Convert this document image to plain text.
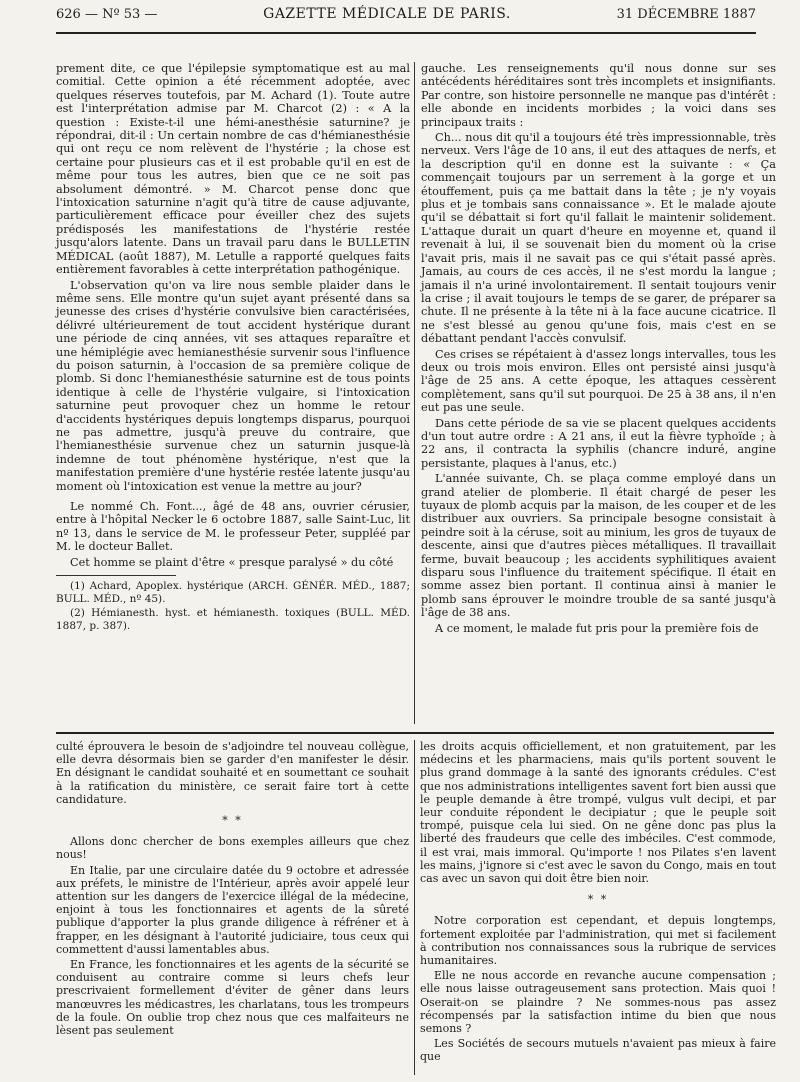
626 — Nº 53 —	GAZETTE MÉDICALE DE PARIS.	31 DÉCEMBRE 1887

prement dite, ce que l'épilepsie symptomatique est au mal comitial. Cette opinion a été récemment adoptée, avec quelques réserves toutefois, par M. Achard (1). Toute autre est l'interprétation admise par M. Charcot (2) : « A la question : Existe-t-il une hémi-anesthésie saturnine? je répondrai, dit-il : Un certain nombre de cas d'hémianesthésie qui ont reçu ce nom relèvent de l'hystérie ; la chose est certaine pour plusieurs cas et il est probable qu'il en est de même pour tous les autres, bien que ce ne soit pas absolument démontré. » M. Charcot pense donc que l'intoxication saturnine n'agit qu'à titre de cause adjuvante, particulièrement efficace pour éveiller chez des sujets prédisposés les manifestations de l'hystérie restée jusqu'alors latente. Dans un travail paru dans le BULLETIN MÉDICAL (août 1887), M. Letulle a rapporté quelques faits entièrement favorables à cette interprétation pathogénique.

L'observation qu'on va lire nous semble plaider dans le même sens. Elle montre qu'un sujet ayant présenté dans sa jeunesse des crises d'hystérie convulsive bien caractérisées, délivré ultérieurement de tout accident hystérique durant une période de cinq années, vit ses attaques reparaître et une hémiplégie avec hemianesthésie survenir sous l'influence du poison saturnin, à l'occasion de sa première colique de plomb. Si donc l'hemianesthésie saturnine est de tous points identique à celle de l'hystérie vulgaire, si l'intoxication saturnine peut provoquer chez un homme le retour d'accidents hystériques depuis longtemps disparus, pourquoi ne pas admettre, jusqu'à preuve du contraire, que l'hemianesthésie survenue chez un saturnin jusque-là indemne de tout phénomène hystérique, n'est que la manifestation première d'une hystérie restée latente jusqu'au moment où l'intoxication est venue la mettre au jour?

Le nommé Ch. Font..., âgé de 48 ans, ouvrier cérusier, entre à l'hôpital Necker le 6 octobre 1887, salle Saint-Luc, lit nº 13, dans le service de M. le professeur Peter, suppléé par M. le docteur Ballet.

Cet homme se plaint d'être « presque paralysé » du côté

(1) Achard, Apoplex. hystérique (ARCH. GÉNÉR. MÉD., 1887; BULL. MÉD., nº 45).

(2) Hémianesth. hyst. et hémianesth. toxiques (BULL. MÉD. 1887, p. 387).

gauche. Les renseignements qu'il nous donne sur ses antécédents héréditaires sont très incomplets et insignifiants. Par contre, son histoire personnelle ne manque pas d'intérêt : elle abonde en incidents morbides ; la voici dans ses principaux traits :

Ch... nous dit qu'il a toujours été très impressionnable, très nerveux. Vers l'âge de 10 ans, il eut des attaques de nerfs, et la description qu'il en donne est la suivante : « Ça commençait toujours par un serrement à la gorge et un étouffement, puis ça me battait dans la tête ; je n'y voyais plus et je tombais sans connaissance ». Et le malade ajoute qu'il se débattait si fort qu'il fallait le maintenir solidement. L'attaque durait un quart d'heure en moyenne et, quand il revenait à lui, il se souvenait bien du moment où la crise l'avait pris, mais il ne savait pas ce qui s'était passé après. Jamais, au cours de ces accès, il ne s'est mordu la langue ; jamais il n'a uriné involontairement. Il sentait toujours venir la crise ; il avait toujours le temps de se garer, de préparer sa chute. Il ne présente à la tête ni à la face aucune cicatrice. Il ne s'est blessé au genou qu'une fois, mais c'est en se débattant pendant l'accès convulsif.

Ces crises se répétaient à d'assez longs intervalles, tous les deux ou trois mois environ. Elles ont persisté ainsi jusqu'à l'âge de 25 ans. A cette époque, les attaques cessèrent complètement, sans qu'il sut pourquoi. De 25 à 38 ans, il n'en eut pas une seule.

Dans cette période de sa vie se placent quelques accidents d'un tout autre ordre : A 21 ans, il eut la fièvre typhoïde ; à 22 ans, il contracta la syphilis (chancre induré, angine persistante, plaques à l'anus, etc.)

L'année suivante, Ch. se plaça comme employé dans un grand atelier de plomberie. Il était chargé de peser les tuyaux de plomb acquis par la maison, de les couper et de les distribuer aux ouvriers. Sa principale besogne consistait à peindre soit à la céruse, soit au minium, les gros de tuyaux de descente, ainsi que d'autres pièces métalliques. Il travaillait ferme, buvait beaucoup ; les accidents syphilitiques avaient disparu sous l'influence du traitement spécifique. Il était en somme assez bien portant. Il continua ainsi à manier le plomb sans éprouver le moindre trouble de sa santé jusqu'à l'âge de 38 ans.

A ce moment, le malade fut pris pour la première fois de

culté éprouvera le besoin de s'adjoindre tel nouveau collègue, elle devra désormais bien se garder d'en manifester le désir. En désignant le candidat souhaité et en soumettant ce souhait à la ratification du ministère, ce serait faire tort à cette candidature.

* *

Allons donc chercher de bons exemples ailleurs que chez nous!

En Italie, par une circulaire datée du 9 octobre et adressée aux préfets, le ministre de l'Intérieur, après avoir appelé leur attention sur les dangers de l'exercice illégal de la médecine, enjoint à tous les fonctionnaires et agents de la sûreté publique d'apporter la plus grande diligence à réfréner et à frapper, en les désignant à l'autorité judiciaire, tous ceux qui commettent d'aussi lamentables abus.

En France, les fonctionnaires et les agents de la sécurité se conduisent au contraire comme si leurs chefs leur prescrivaient formellement d'éviter de gêner dans leurs manœuvres les médicastres, les charlatans, tous les trompeurs de la foule. On oublie trop chez nous que ces malfaiteurs ne lèsent pas seulement

les droits acquis officiellement, et non gratuitement, par les médecins et les pharmaciens, mais qu'ils portent souvent le plus grand dommage à la santé des ignorants crédules. C'est que nos administrations intelligentes savent fort bien aussi que le peuple demande à être trompé, vulgus vult decipi, et par leur conduite répondent le decipiatur ; que le peuple soit trompé, puisque cela lui sied. On ne gêne donc pas plus la liberté des fraudeurs que celle des imbéciles. C'est commode, il est vrai, mais immoral. Qu'importe ! nos Pilates s'en lavent les mains, j'ignore si c'est avec le savon du Congo, mais en tout cas avec un savon qui doit être bien noir.

* *

Notre corporation est cependant, et depuis longtemps, fortement exploitée par l'administration, qui met si facilement à contribution nos connaissances sous la rubrique de services humanitaires.

Elle ne nous accorde en revanche aucune compensation ; elle nous laisse outrageusement sans protection. Mais quoi ! Oserait-on se plaindre ? Ne sommes-nous pas assez récompensés par la satisfaction intime du bien que nous semons ?

Les Sociétés de secours mutuels n'avaient pas mieux à faire que
